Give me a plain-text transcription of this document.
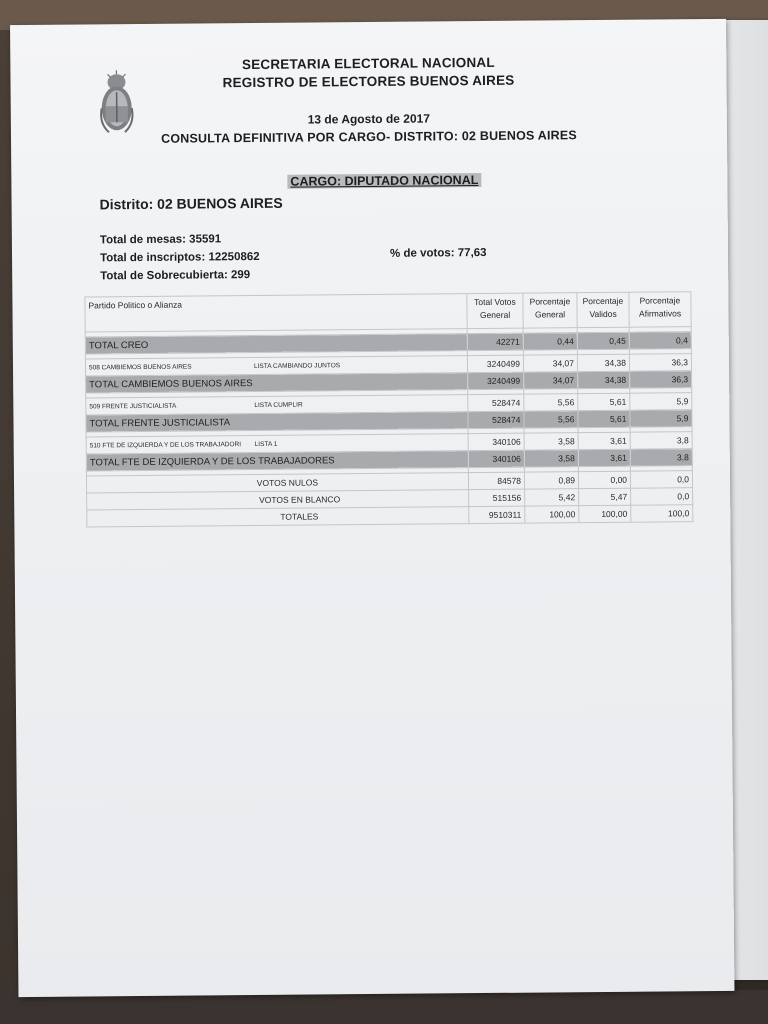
SECRETARIA ELECTORAL NACIONAL
REGISTRO DE ELECTORES BUENOS AIRES
13 de Agosto de 2017
CONSULTA DEFINITIVA POR CARGO- DISTRITO: 02 BUENOS AIRES
CARGO: DIPUTADO NACIONAL
Distrito: 02 BUENOS AIRES
Total de mesas: 35591
Total de inscriptos: 12250862
Total de Sobrecubierta: 299
% de votos: 77,63
Partido Politico o Alianza	Total Votos General	Porcentaje General	Porcentaje Validos	Porcentaje Afirmativos

TOTAL CREO	42271	0,44	0,45	0,4

508 CAMBIEMOS BUENOS AIRES LISTA CAMBIANDO JUNTOS	3240499	34,07	34,38	36,3
TOTAL CAMBIEMOS BUENOS AIRES	3240499	34,07	34,38	36,3

509 FRENTE JUSTICIALISTA LISTA CUMPLIR	528474	5,56	5,61	5,9
TOTAL FRENTE JUSTICIALISTA	528474	5,56	5,61	5,9

510 FTE DE IZQUIERDA Y DE LOS TRABAJADORI LISTA 1	340106	3,58	3,61	3,8
TOTAL FTE DE IZQUIERDA Y DE LOS TRABAJADORES	340106	3,58	3,61	3,8

VOTOS NULOS	84578	0,89	0,00	0,0
VOTOS EN BLANCO	515156	5,42	5,47	0,0
TOTALES	9510311	100,00	100,00	100,0
